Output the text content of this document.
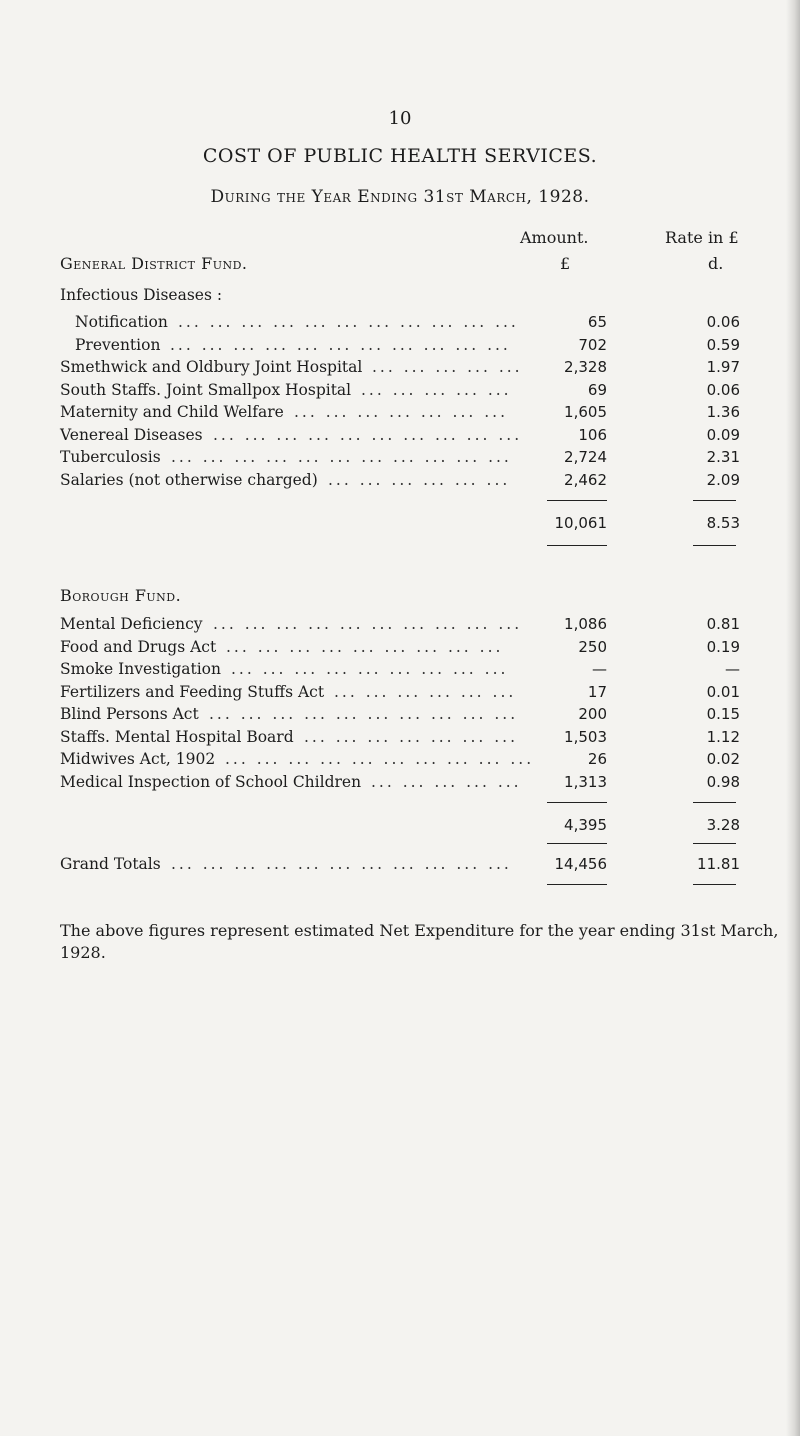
10
COST OF PUBLIC HEALTH SERVICES.
During the Year Ending 31st March, 1928.
Amount.	Rate in £
£	d.
General District Fund.
Infectious Diseases :
Notification ... ... ... ... ... ... ... ... ... ... ...	65	0.06
Prevention ... ... ... ... ... ... ... ... ... ... ...	702	0.59
Smethwick and Oldbury Joint Hospital ... ... ... ... ...	2,328	1.97
South Staffs. Joint Smallpox Hospital ... ... ... ... ...	69	0.06
Maternity and Child Welfare ... ... ... ... ... ... ...	1,605	1.36
Venereal Diseases ... ... ... ... ... ... ... ... ... ...	106	0.09
Tuberculosis ... ... ... ... ... ... ... ... ... ... ...	2,724	2.31
Salaries (not otherwise charged) ... ... ... ... ... ...	2,462	2.09
10,061	8.53
Borough Fund.
Mental Deficiency ... ... ... ... ... ... ... ... ... ...	1,086	0.81
Food and Drugs Act ... ... ... ... ... ... ... ... ...	250	0.19
Smoke Investigation ... ... ... ... ... ... ... ... ...	—	—
Fertilizers and Feeding Stuffs Act ... ... ... ... ... ...	17	0.01
Blind Persons Act ... ... ... ... ... ... ... ... ... ...	200	0.15
Staffs. Mental Hospital Board ... ... ... ... ... ... ...	1,503	1.12
Midwives Act, 1902 ... ... ... ... ... ... ... ... ... ...	26	0.02
Medical Inspection of School Children ... ... ... ... ...	1,313	0.98
4,395	3.28
Grand Totals ... ... ... ... ... ... ... ... ... ... ...	14,456	11.81
The above figures represent estimated Net Expenditure for the year ending 31st March, 1928.
